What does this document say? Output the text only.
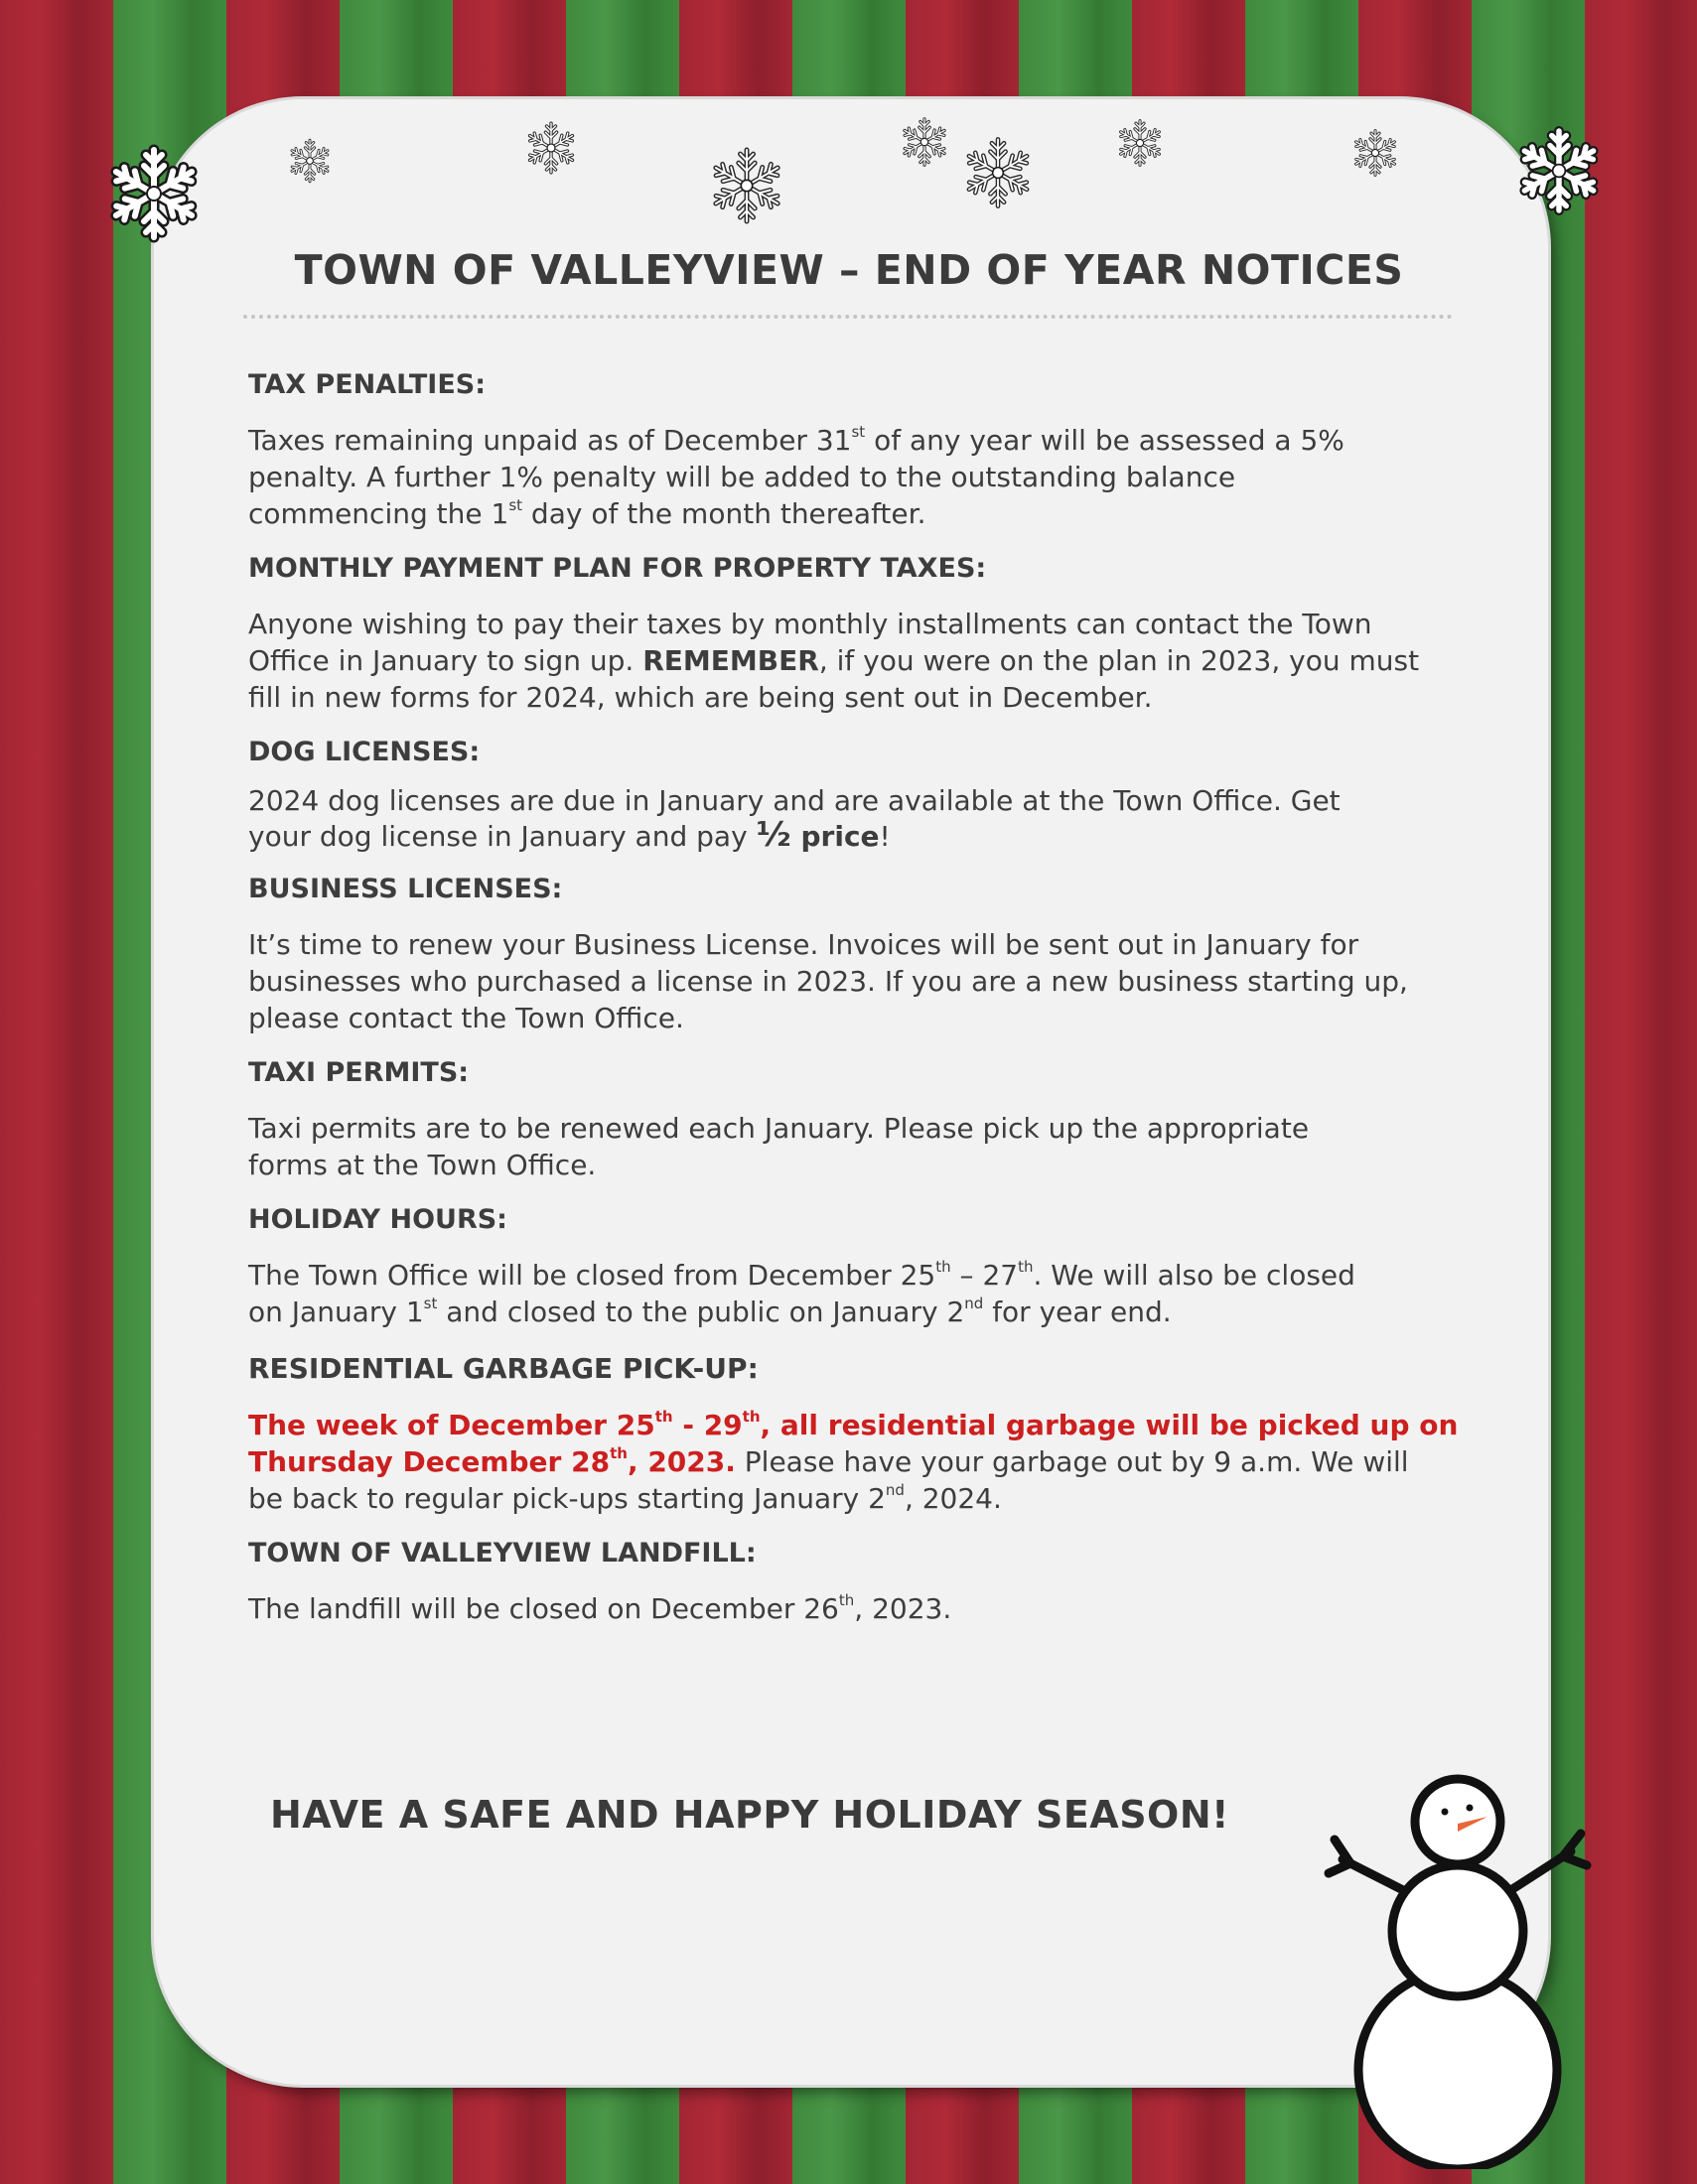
TOWN OF VALLEYVIEW – END OF YEAR NOTICES

TAX PENALTIES:

Taxes remaining unpaid as of December 31st of any year will be assessed a 5%
penalty. A further 1% penalty will be added to the outstanding balance
commencing the 1st day of the month thereafter.

MONTHLY PAYMENT PLAN FOR PROPERTY TAXES:

Anyone wishing to pay their taxes by monthly installments can contact the Town
Office in January to sign up. REMEMBER, if you were on the plan in 2023, you must
fill in new forms for 2024, which are being sent out in December.

DOG LICENSES:

2024 dog licenses are due in January and are available at the Town Office. Get
your dog license in January and pay ½ price!

BUSINESS LICENSES:

It’s time to renew your Business License. Invoices will be sent out in January for
businesses who purchased a license in 2023. If you are a new business starting up,
please contact the Town Office.

TAXI PERMITS:

Taxi permits are to be renewed each January. Please pick up the appropriate
forms at the Town Office.

HOLIDAY HOURS:

The Town Office will be closed from December 25th – 27th. We will also be closed
on January 1st and closed to the public on January 2nd for year end.

RESIDENTIAL GARBAGE PICK-UP:

The week of December 25th - 29th, all residential garbage will be picked up on
Thursday December 28th, 2023. Please have your garbage out by 9 a.m. We will
be back to regular pick-ups starting January 2nd, 2024.

TOWN OF VALLEYVIEW LANDFILL:

The landfill will be closed on December 26th, 2023.

HAVE A SAFE AND HAPPY HOLIDAY SEASON!
